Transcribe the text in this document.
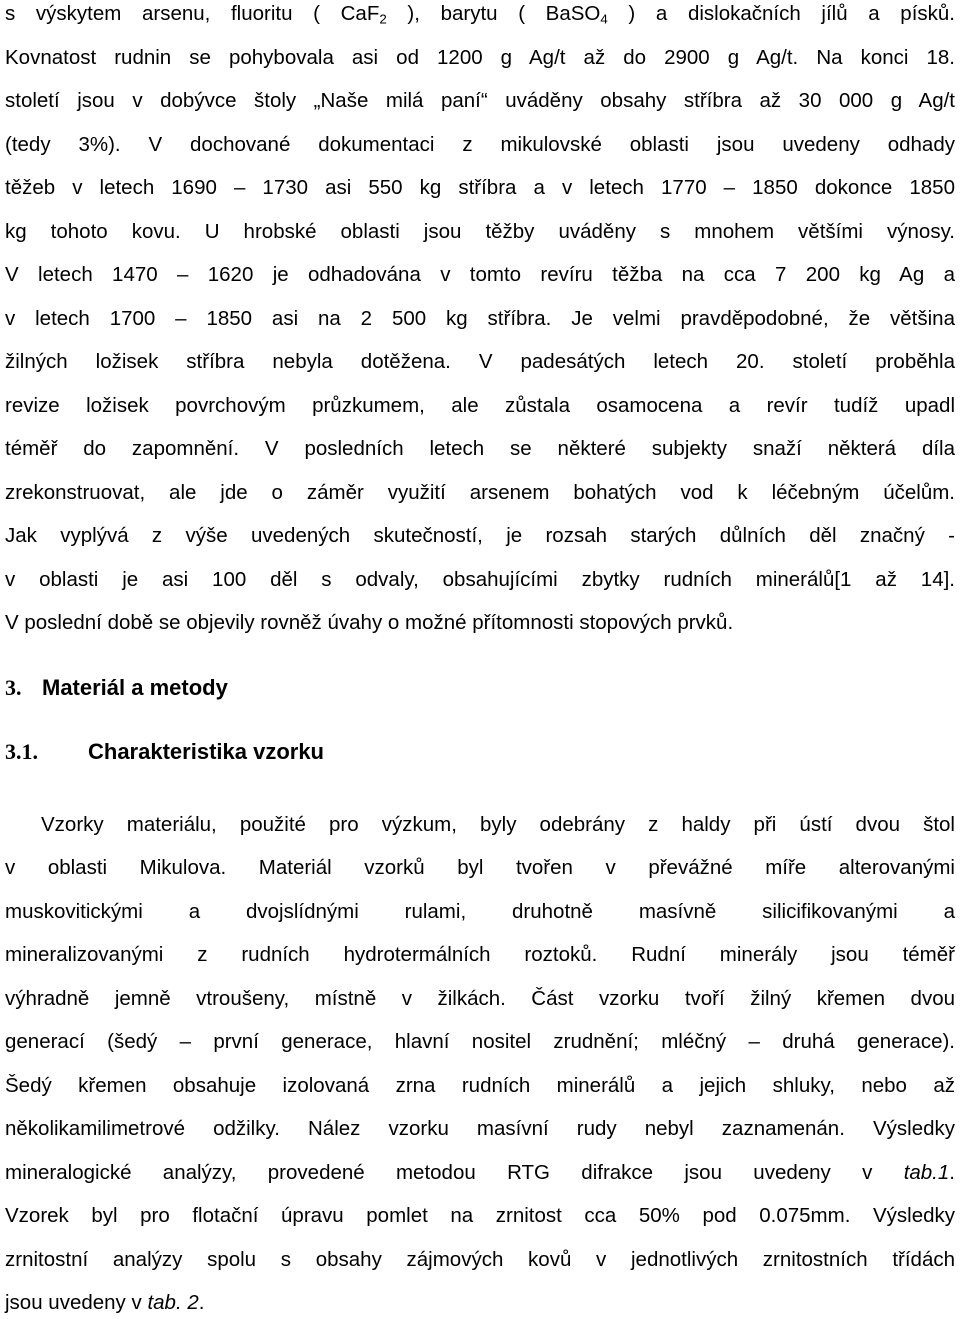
s výskytem arsenu, fluoritu ( CaF$_2$ ), barytu ( BaSO$_4$ ) a dislokačních jílů a písků.
Kovnatost rudnin se pohybovala asi od 1200 g Ag/t až do 2900 g Ag/t. Na konci 18.
století jsou v dobývce štoly „Naše milá paní“ uváděny obsahy stříbra až 30 000 g Ag/t
(tedy 3%). V dochované dokumentaci z mikulovské oblasti jsou uvedeny odhady
těžeb v letech 1690 – 1730 asi 550 kg stříbra a v letech 1770 – 1850 dokonce 1850
kg tohoto kovu. U hrobské oblasti jsou těžby uváděny s mnohem většími výnosy.
V letech 1470 – 1620 je odhadována v tomto revíru těžba na cca 7 200 kg Ag a
v letech 1700 – 1850 asi na 2 500 kg stříbra. Je velmi pravděpodobné, že většina
žilných ložisek stříbra nebyla dotěžena. V padesátých letech 20. století proběhla
revize ložisek povrchovým průzkumem, ale zůstala osamocena a revír tudíž upadl
téměř do zapomnění. V posledních letech se některé subjekty snaží některá díla
zrekonstruovat, ale jde o záměr využití arsenem bohatých vod k léčebným účelům.
Jak vyplývá z výše uvedených skutečností, je rozsah starých důlních děl značný -
v oblasti je asi 100 děl s odvaly, obsahujícími zbytky rudních minerálů[1 až 14].
V poslední době se objevily rovněž úvahy o možné přítomnosti stopových prvků.
3. Materiál a metody
3.1. Charakteristika vzorku
Vzorky materiálu, použité pro výzkum, byly odebrány z haldy při ústí dvou štol
v oblasti Mikulova. Materiál vzorků byl tvořen v převážné míře alterovanými
muskovitickými a dvojslídnými rulami, druhotně masívně silicifikovanými a
mineralizovanými z rudních hydrotermálních roztoků. Rudní minerály jsou téměř
výhradně jemně vtroušeny, místně v žilkách. Část vzorku tvoří žilný křemen dvou
generací (šedý – první generace, hlavní nositel zrudnění; mléčný – druhá generace).
Šedý křemen obsahuje izolovaná zrna rudních minerálů a jejich shluky, nebo až
několikamilimetrové odžilky. Nález vzorku masívní rudy nebyl zaznamenán. Výsledky
mineralogické analýzy, provedené metodou RTG difrakce jsou uvedeny v tab.1.
Vzorek byl pro flotační úpravu pomlet na zrnitost cca 50% pod 0.075mm. Výsledky
zrnitostní analýzy spolu s obsahy zájmových kovů v jednotlivých zrnitostních třídách
jsou uvedeny v tab. 2.
